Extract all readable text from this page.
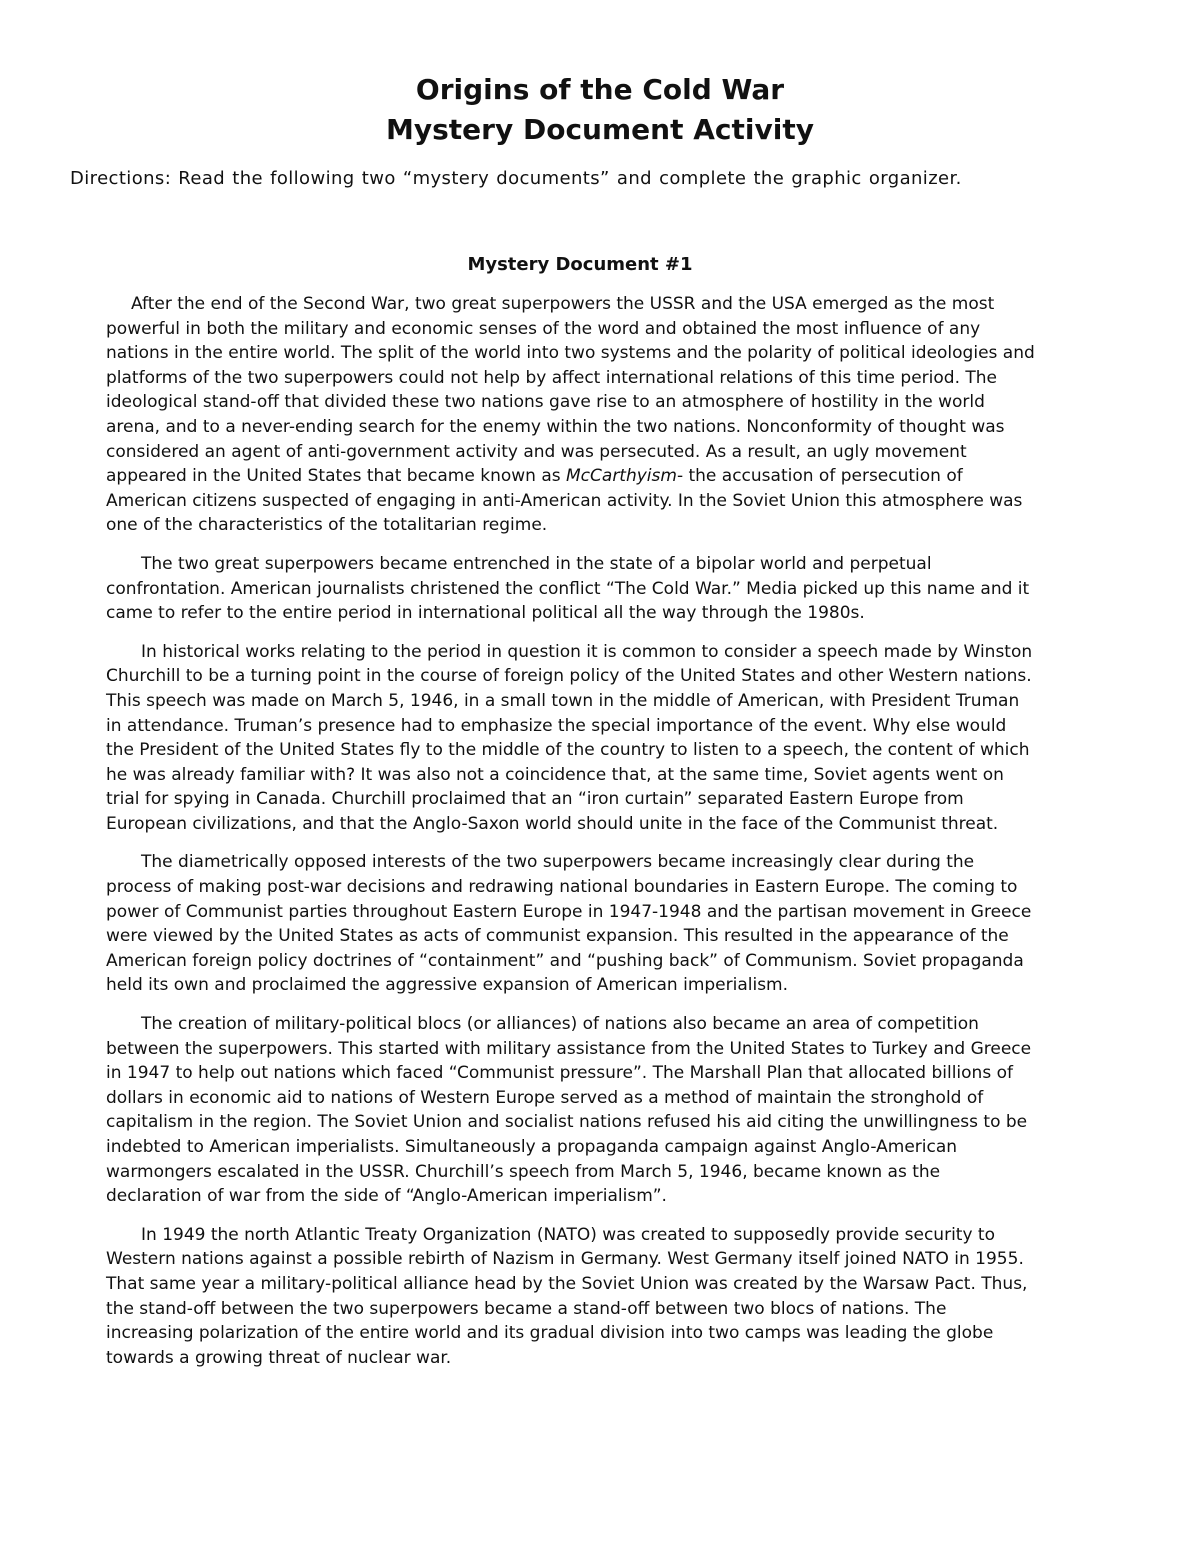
Origins of the Cold War
Mystery Document Activity
Directions: Read the following two “mystery documents” and complete the graphic organizer.
Mystery Document #1

After the end of the Second War, two great superpowers the USSR and the USA emerged as the most powerful in both the military and economic senses of the word and obtained the most influence of any nations in the entire world. The split of the world into two systems and the polarity of political ideologies and platforms of the two superpowers could not help by affect international relations of this time period. The ideological stand-off that divided these two nations gave rise to an atmosphere of hostility in the world arena, and to a never-ending search for the enemy within the two nations. Nonconformity of thought was considered an agent of anti-government activity and was persecuted. As a result, an ugly movement appeared in the United States that became known as McCarthyism- the accusation of persecution of American citizens suspected of engaging in anti-American activity. In the Soviet Union this atmosphere was one of the characteristics of the totalitarian regime.

The two great superpowers became entrenched in the state of a bipolar world and perpetual confrontation. American journalists christened the conflict “The Cold War.” Media picked up this name and it came to refer to the entire period in international political all the way through the 1980s.

In historical works relating to the period in question it is common to consider a speech made by Winston Churchill to be a turning point in the course of foreign policy of the United States and other Western nations. This speech was made on March 5, 1946, in a small town in the middle of American, with President Truman in attendance. Truman’s presence had to emphasize the special importance of the event. Why else would the President of the United States fly to the middle of the country to listen to a speech, the content of which he was already familiar with? It was also not a coincidence that, at the same time, Soviet agents went on trial for spying in Canada. Churchill proclaimed that an “iron curtain” separated Eastern Europe from European civilizations, and that the Anglo-Saxon world should unite in the face of the Communist threat.

The diametrically opposed interests of the two superpowers became increasingly clear during the process of making post-war decisions and redrawing national boundaries in Eastern Europe. The coming to power of Communist parties throughout Eastern Europe in 1947-1948 and the partisan movement in Greece were viewed by the United States as acts of communist expansion. This resulted in the appearance of the American foreign policy doctrines of “containment” and “pushing back” of Communism. Soviet propaganda held its own and proclaimed the aggressive expansion of American imperialism.

The creation of military-political blocs (or alliances) of nations also became an area of competition between the superpowers. This started with military assistance from the United States to Turkey and Greece in 1947 to help out nations which faced “Communist pressure”. The Marshall Plan that allocated billions of dollars in economic aid to nations of Western Europe served as a method of maintain the stronghold of capitalism in the region. The Soviet Union and socialist nations refused his aid citing the unwillingness to be indebted to American imperialists. Simultaneously a propaganda campaign against Anglo-American warmongers escalated in the USSR. Churchill’s speech from March 5, 1946, became known as the declaration of war from the side of “Anglo-American imperialism”.

In 1949 the north Atlantic Treaty Organization (NATO) was created to supposedly provide security to Western nations against a possible rebirth of Nazism in Germany. West Germany itself joined NATO in 1955. That same year a military-political alliance head by the Soviet Union was created by the Warsaw Pact. Thus, the stand-off between the two superpowers became a stand-off between two blocs of nations. The increasing polarization of the entire world and its gradual division into two camps was leading the globe towards a growing threat of nuclear war.
